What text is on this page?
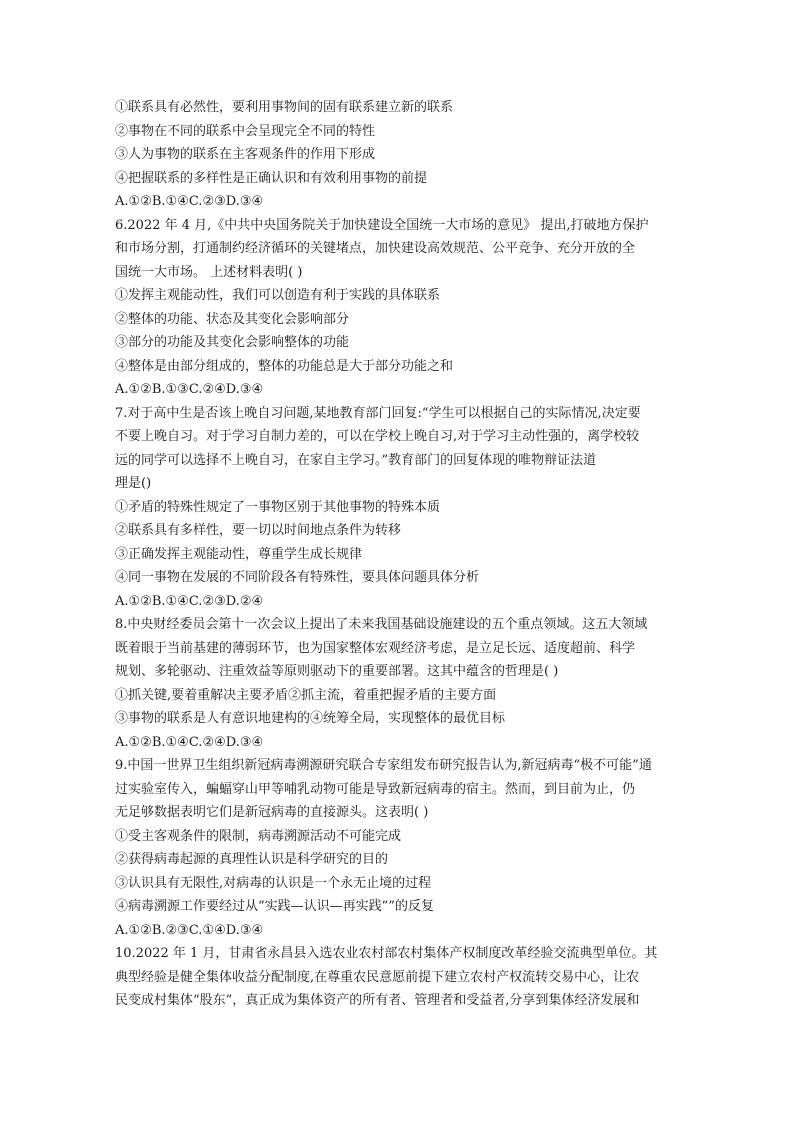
①联系具有必然性，要利用事物间的固有联系建立新的联系
②事物在不同的联系中会呈现完全不同的特性
③人为事物的联系在主客观条件的作用下形成
④把握联系的多样性是正确认识和有效利用事物的前提
A.①②B.①④C.②③D.③④
6.2022 年 4 月,《中共中央国务院关于加快建设全国统一大市场的意见》 提出,打破地方保护
和市场分割，打通制约经济循环的关键堵点，加快建设高效规范、公平竞争、充分开放的全
国统一大市场。 上述材料表明( )
①发挥主观能动性，我们可以创造有利于实践的具体联系
②整体的功能、状态及其变化会影响部分
③部分的功能及其变化会影响整体的功能
④整体是由部分组成的，整体的功能总是大于部分功能之和
A.①②B.①③C.②④D.③④
7.对于高中生是否该上晚自习问题,某地教育部门回复:“学生可以根据自己的实际情况,决定要
不要上晚自习。对于学习自制力差的，可以在学校上晚自习,对于学习主动性强的，离学校较
远的同学可以选择不上晚自习，在家自主学习。”教育部门的回复体现的唯物辩证法道
理是()
①矛盾的特殊性规定了一事物区别于其他事物的特殊本质
②联系具有多样性，要一切以时间地点条件为转移
③正确发挥主观能动性，尊重学生成长规律
④同一事物在发展的不同阶段各有特殊性，要具体问题具体分析
A.①②B.①④C.②③D.②④
8.中央财经委员会第十一次会议上提出了未来我国基础设施建设的五个重点领域。这五大领域
既着眼于当前基建的薄弱环节，也为国家整体宏观经济考虑，是立足长远、适度超前、科学
规划、多轮驱动、注重效益等原则驱动下的重要部署。这其中蕴含的哲理是( )
①抓关键,要着重解决主要矛盾②抓主流，着重把握矛盾的主要方面
③事物的联系是人有意识地建构的④统筹全局，实现整体的最优目标
A.①②B.①④C.②④D.③④
9.中国一世界卫生组织新冠病毒溯源研究联合专家组发布研究报告认为,新冠病毒“极不可能”通
过实验室传入，蝙蝠穿山甲等哺乳动物可能是导致新冠病毒的宿主。然而，到目前为止，仍
无足够数据表明它们是新冠病毒的直接源头。这表明( )
①受主客观条件的限制，病毒溯源活动不可能完成
②获得病毒起源的真理性认识是科学研究的目的
③认识具有无限性,对病毒的认识是一个永无止境的过程
④病毒溯源工作要经过从“实践—认识—再实践””的反复
A.①②B.②③C.①④D.③④
10.2022 年 1 月，甘肃省永昌县入选农业农村部农村集体产权制度改革经验交流典型单位。其
典型经验是健全集体收益分配制度,在尊重农民意愿前提下建立农村产权流转交易中心，让农
民变成村集体“股东”，真正成为集体资产的所有者、管理者和受益者,分享到集体经济发展和
